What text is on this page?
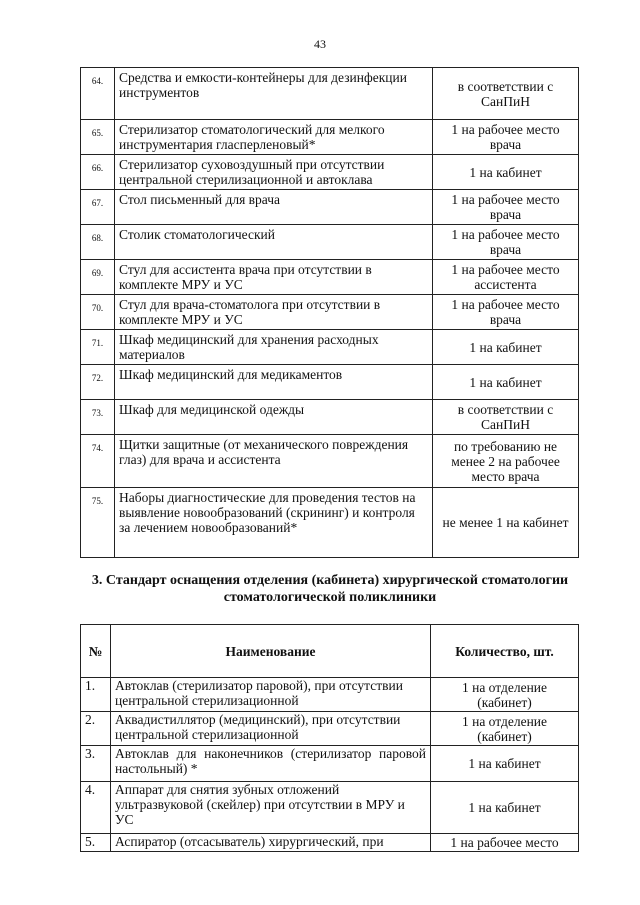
43
64.	Средства и емкости-контейнеры для дезинфекции инструментов	в соответствии с СанПиН
65.	Стерилизатор стоматологический для мелкого инструментария гласперленовый*	1 на рабочее место врача
66.	Стерилизатор суховоздушный при отсутствии центральной стерилизационной и автоклава	1 на кабинет
67.	Стол письменный для врача	1 на рабочее место врача
68.	Столик стоматологический	1 на рабочее место врача
69.	Стул для ассистента врача при отсутствии в комплекте МРУ и УС	1 на рабочее место ассистента
70.	Стул для врача-стоматолога при отсутствии в комплекте МРУ и УС	1 на рабочее место врача
71.	Шкаф медицинский для хранения расходных материалов	1 на кабинет
72.	Шкаф медицинский для медикаментов	1 на кабинет
73.	Шкаф для медицинской одежды	в соответствии с СанПиН
74.	Щитки защитные (от механического повреждения глаз) для врача и ассистента	по требованию не менее 2 на рабочее место врача
75.	Наборы диагностические для проведения тестов на выявление новообразований (скрининг) и контроля за лечением новообразований*	не менее 1 на кабинет
3. Стандарт оснащения отделения (кабинета) хирургической стоматологии стоматологической поликлиники
№	Наименование	Количество, шт.
1.	Автоклав (стерилизатор паровой), при отсутствии центральной стерилизационной	1 на отделение (кабинет)
2.	Аквадистиллятор (медицинский), при отсутствии центральной стерилизационной	1 на отделение (кабинет)
3.	Автоклав для наконечников (стерилизатор паровой настольный) *	1 на кабинет
4.	Аппарат для снятия зубных отложений ультразвуковой (скейлер) при отсутствии в МРУ и УС	1 на кабинет
5.	Аспиратор (отсасыватель) хирургический, при	1 на рабочее место
